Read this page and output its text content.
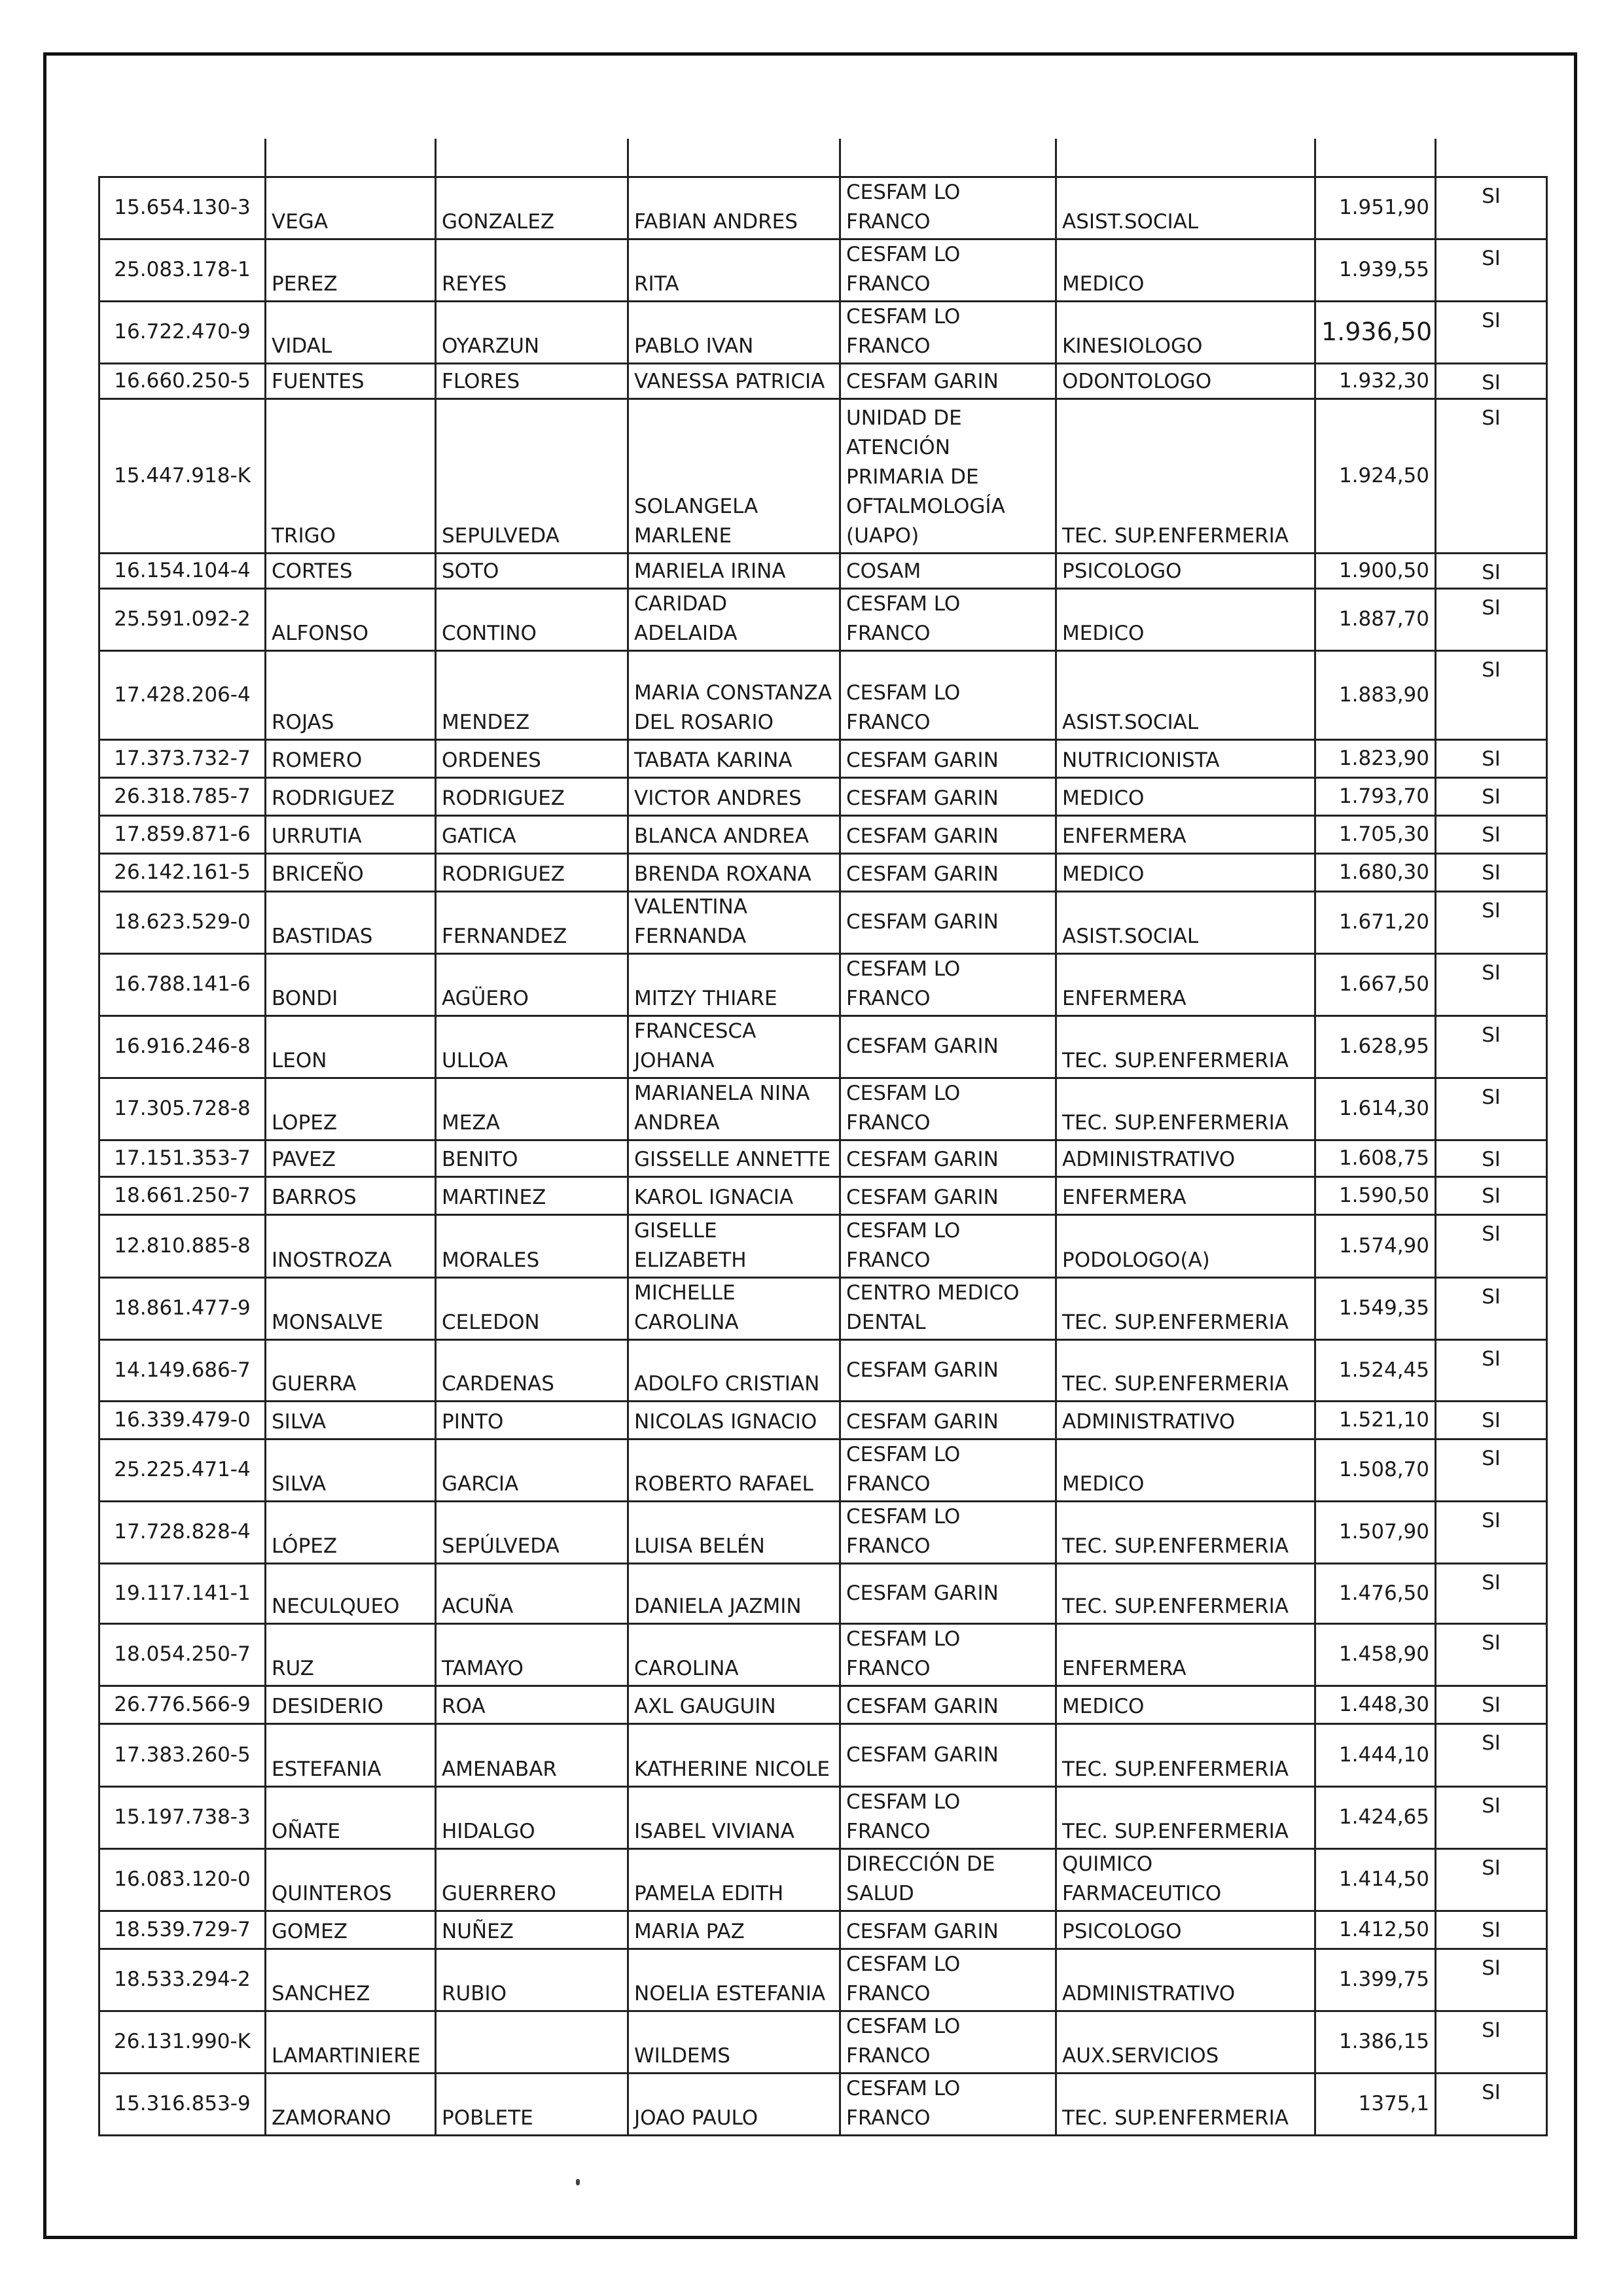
15.654.130-3	VEGA	GONZALEZ	FABIAN ANDRES	CESFAM LO FRANCO	ASIST.SOCIAL	1.951,90	SI
25.083.178-1	PEREZ	REYES	RITA	CESFAM LO FRANCO	MEDICO	1.939,55	SI
16.722.470-9	VIDAL	OYARZUN	PABLO IVAN	CESFAM LO FRANCO	KINESIOLOGO	1.936,50	SI
16.660.250-5	FUENTES	FLORES	VANESSA PATRICIA	CESFAM GARIN	ODONTOLOGO	1.932,30	SI
15.447.918-K	TRIGO	SEPULVEDA	SOLANGELA MARLENE	UNIDAD DE ATENCIÓN PRIMARIA DE OFTALMOLOGÍA (UAPO)	TEC. SUP.ENFERMERIA	1.924,50	SI
16.154.104-4	CORTES	SOTO	MARIELA IRINA	COSAM	PSICOLOGO	1.900,50	SI
25.591.092-2	ALFONSO	CONTINO	CARIDAD ADELAIDA	CESFAM LO FRANCO	MEDICO	1.887,70	SI
17.428.206-4	ROJAS	MENDEZ	MARIA CONSTANZA DEL ROSARIO	CESFAM LO FRANCO	ASIST.SOCIAL	1.883,90	SI
17.373.732-7	ROMERO	ORDENES	TABATA KARINA	CESFAM GARIN	NUTRICIONISTA	1.823,90	SI
26.318.785-7	RODRIGUEZ	RODRIGUEZ	VICTOR ANDRES	CESFAM GARIN	MEDICO	1.793,70	SI
17.859.871-6	URRUTIA	GATICA	BLANCA ANDREA	CESFAM GARIN	ENFERMERA	1.705,30	SI
26.142.161-5	BRICEÑO	RODRIGUEZ	BRENDA ROXANA	CESFAM GARIN	MEDICO	1.680,30	SI
18.623.529-0	BASTIDAS	FERNANDEZ	VALENTINA FERNANDA	CESFAM GARIN	ASIST.SOCIAL	1.671,20	SI
16.788.141-6	BONDI	AGÜERO	MITZY THIARE	CESFAM LO FRANCO	ENFERMERA	1.667,50	SI
16.916.246-8	LEON	ULLOA	FRANCESCA JOHANA	CESFAM GARIN	TEC. SUP.ENFERMERIA	1.628,95	SI
17.305.728-8	LOPEZ	MEZA	MARIANELA NINA ANDREA	CESFAM LO FRANCO	TEC. SUP.ENFERMERIA	1.614,30	SI
17.151.353-7	PAVEZ	BENITO	GISSELLE ANNETTE	CESFAM GARIN	ADMINISTRATIVO	1.608,75	SI
18.661.250-7	BARROS	MARTINEZ	KAROL IGNACIA	CESFAM GARIN	ENFERMERA	1.590,50	SI
12.810.885-8	INOSTROZA	MORALES	GISELLE ELIZABETH	CESFAM LO FRANCO	PODOLOGO(A)	1.574,90	SI
18.861.477-9	MONSALVE	CELEDON	MICHELLE CAROLINA	CENTRO MEDICO DENTAL	TEC. SUP.ENFERMERIA	1.549,35	SI
14.149.686-7	GUERRA	CARDENAS	ADOLFO CRISTIAN	CESFAM GARIN	TEC. SUP.ENFERMERIA	1.524,45	SI
16.339.479-0	SILVA	PINTO	NICOLAS IGNACIO	CESFAM GARIN	ADMINISTRATIVO	1.521,10	SI
25.225.471-4	SILVA	GARCIA	ROBERTO RAFAEL	CESFAM LO FRANCO	MEDICO	1.508,70	SI
17.728.828-4	LÓPEZ	SEPÚLVEDA	LUISA BELÉN	CESFAM LO FRANCO	TEC. SUP.ENFERMERIA	1.507,90	SI
19.117.141-1	NECULQUEO	ACUÑA	DANIELA JAZMIN	CESFAM GARIN	TEC. SUP.ENFERMERIA	1.476,50	SI
18.054.250-7	RUZ	TAMAYO	CAROLINA	CESFAM LO FRANCO	ENFERMERA	1.458,90	SI
26.776.566-9	DESIDERIO	ROA	AXL GAUGUIN	CESFAM GARIN	MEDICO	1.448,30	SI
17.383.260-5	ESTEFANIA	AMENABAR	KATHERINE NICOLE	CESFAM GARIN	TEC. SUP.ENFERMERIA	1.444,10	SI
15.197.738-3	OÑATE	HIDALGO	ISABEL VIVIANA	CESFAM LO FRANCO	TEC. SUP.ENFERMERIA	1.424,65	SI
16.083.120-0	QUINTEROS	GUERRERO	PAMELA EDITH	DIRECCIÓN DE SALUD	QUIMICO FARMACEUTICO	1.414,50	SI
18.539.729-7	GOMEZ	NUÑEZ	MARIA PAZ	CESFAM GARIN	PSICOLOGO	1.412,50	SI
18.533.294-2	SANCHEZ	RUBIO	NOELIA ESTEFANIA	CESFAM LO FRANCO	ADMINISTRATIVO	1.399,75	SI
26.131.990-K	LAMARTINIERE		WILDEMS	CESFAM LO FRANCO	AUX.SERVICIOS	1.386,15	SI
15.316.853-9	ZAMORANO	POBLETE	JOAO PAULO	CESFAM LO FRANCO	TEC. SUP.ENFERMERIA	1375,1	SI
